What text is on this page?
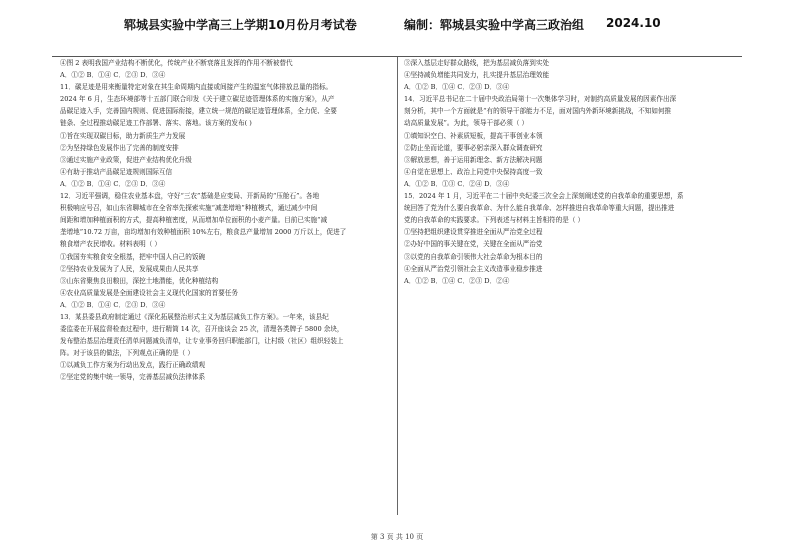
郓城县实验中学高三上学期10月份月考试卷	编制：郓城县实验中学高三政治组 2024.10
④图 2 表明我国产业结构不断优化，传统产业不断衰落且发挥的作用不断被替代
A．①② B．①④ C．②③ D．③④
11．碳足迹是用来衡量特定对象在其生命周期内直接或间接产生的温室气体排放总量的指标。
2024 年 6 月，生态环境部等十五部门联合印发《关于建立碳足迹管理体系的实施方案》，从产
品碳足迹入手，完善国内规则、促进国际衔接，建立统一规范的碳足迹管理体系，全力促、全要
链条、全过程推动碳足迹工作部署、落实、落地。该方案的发布( )
①旨在实现双碳目标，助力新质生产力发展
②为坚持绿色发展作出了完善的制度安排
③通过实施产业政策，促进产业结构优化升级
④有助于推动产品碳足迹规则国际互信
A．①② B．①④ C．②③ D．③④
12．习近平强调，稳住农业基本盘，守好“三农”基础是应变局、开新局的“压舱石”。各地
积极响应号召，如山东省聊城市在全省率先探索实施“减垄增地”种植模式，通过减少中间
间距和增加种植面积的方式，提高种植密度，从而增加单位面积的小麦产量。目前已实施“减
垄增地”10.72 万亩，亩均增加有效种植面积 10%左右，粮食总产量增加 2000 万斤以上，促进了
粮食增产农民增收。材料表明（ ）
①我国夯实粮食安全根基，把牢中国人自己的饭碗
②坚持农业发展为了人民，发展成果由人民共享
③山东省聚焦良田粮田，深挖土地潜能，优化种植结构
④农业高质量发展是全面建设社会主义现代化国家的首要任务
A．①② B．①④ C．②③ D．③④
13．某县委县政府制定通过《深化拓展整治形式主义为基层减负工作方案》。一年来，该县纪
委监委在开展监督检查过程中，进行精简 14 次，召开座谈会 25 次，清理各类牌子 5800 余块，
发布整治基层治理责任清单问题减负清单，让专业事务回归职能部门，让村级（社区）组织轻装上
阵。对于该县的做法，下列观点正确的是（ ）
①以减负工作方案为行动出发点，践行正确政绩观
②坚定党的集中统一领导，完善基层减负法律体系
③深入基层走好群众路线，把为基层减负落到实处
④坚持减负增能共同发力，扎实提升基层治理效能
A．①② B．①④ C．②③ D．③④
14．习近平总书记在二十届中央政治局第十一次集体学习时，对制约高质量发展的因素作出深
刻分析，其中一个方面就是“有的领导干部能力不足，面对国内外新环境新挑战，不知如何推
动高质量发展”。为此，领导干部必须（ ）
①填知识空白、补素质短板，提高干事创业本领
②防止坐而论道，要事必躬亲深入群众调查研究
③解放思想，善于运用新理念、新方法解决问题
④自觉在思想上、政治上同党中央保持高度一致
A．①② B．①③ C．②④ D．③④
15．2024 年 1 月，习近平在二十届中央纪委三次全会上深刻阐述党的自我革命的重要思想，系
统回答了党为什么要自我革命、为什么能自我革命、怎样推进自我革命等重大问题，提出推进
党的自我革命的实践要求。下列表述与材料主旨相符的是（ ）
①坚持把组织建设贯穿推进全面从严治党全过程
②办好中国的事关键在党，关键在全面从严治党
③以党的自我革命引领伟大社会革命为根本目的
④全面从严治党引领社会主义改造事业稳步推进
A．①② B．①④ C．②③ D．②④
第 3 页 共 10 页
